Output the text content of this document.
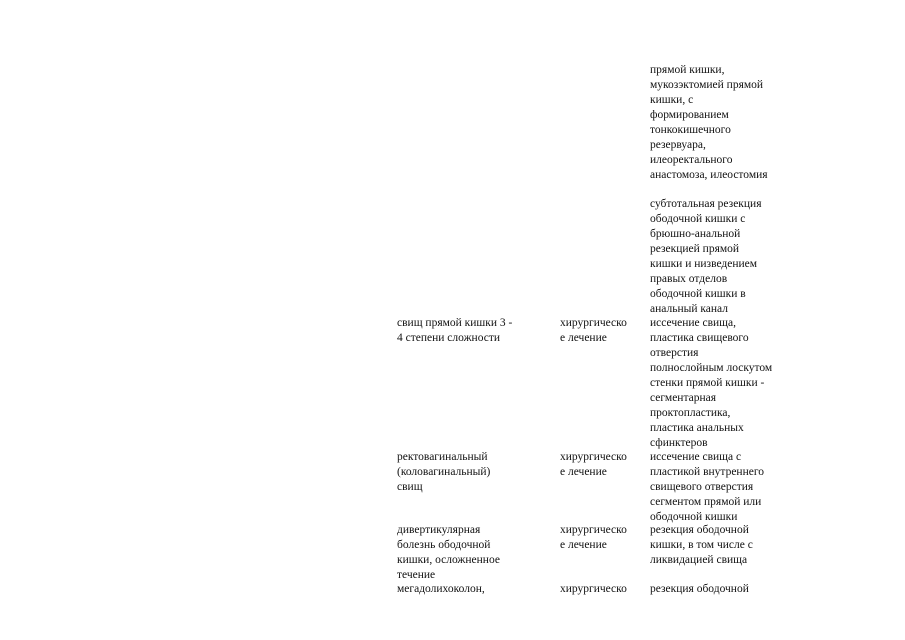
прямой кишки,
мукозэктомией прямой
кишки, с
формированием
тонкокишечного
резервуара,
илеоректального
анастомоза, илеостомия
субтотальная резекция
ободочной кишки с
брюшно-анальной
резекцией прямой
кишки и низведением
правых отделов
ободочной кишки в
анальный канал
свищ прямой кишки 3 -
4 степени сложности
хирургическо
е лечение
иссечение свища,
пластика свищевого
отверстия
полнослойным лоскутом
стенки прямой кишки -
сегментарная
проктопластика,
пластика анальных
сфинктеров
ректовагинальный
(коловагинальный)
свищ
хирургическо
е лечение
иссечение свища с
пластикой внутреннего
свищевого отверстия
сегментом прямой или
ободочной кишки
дивертикулярная
болезнь ободочной
кишки, осложненное
течение
хирургическо
е лечение
резекция ободочной
кишки, в том числе с
ликвидацией свища
мегадолихоколон,	хирургическо	резекция ободочной
